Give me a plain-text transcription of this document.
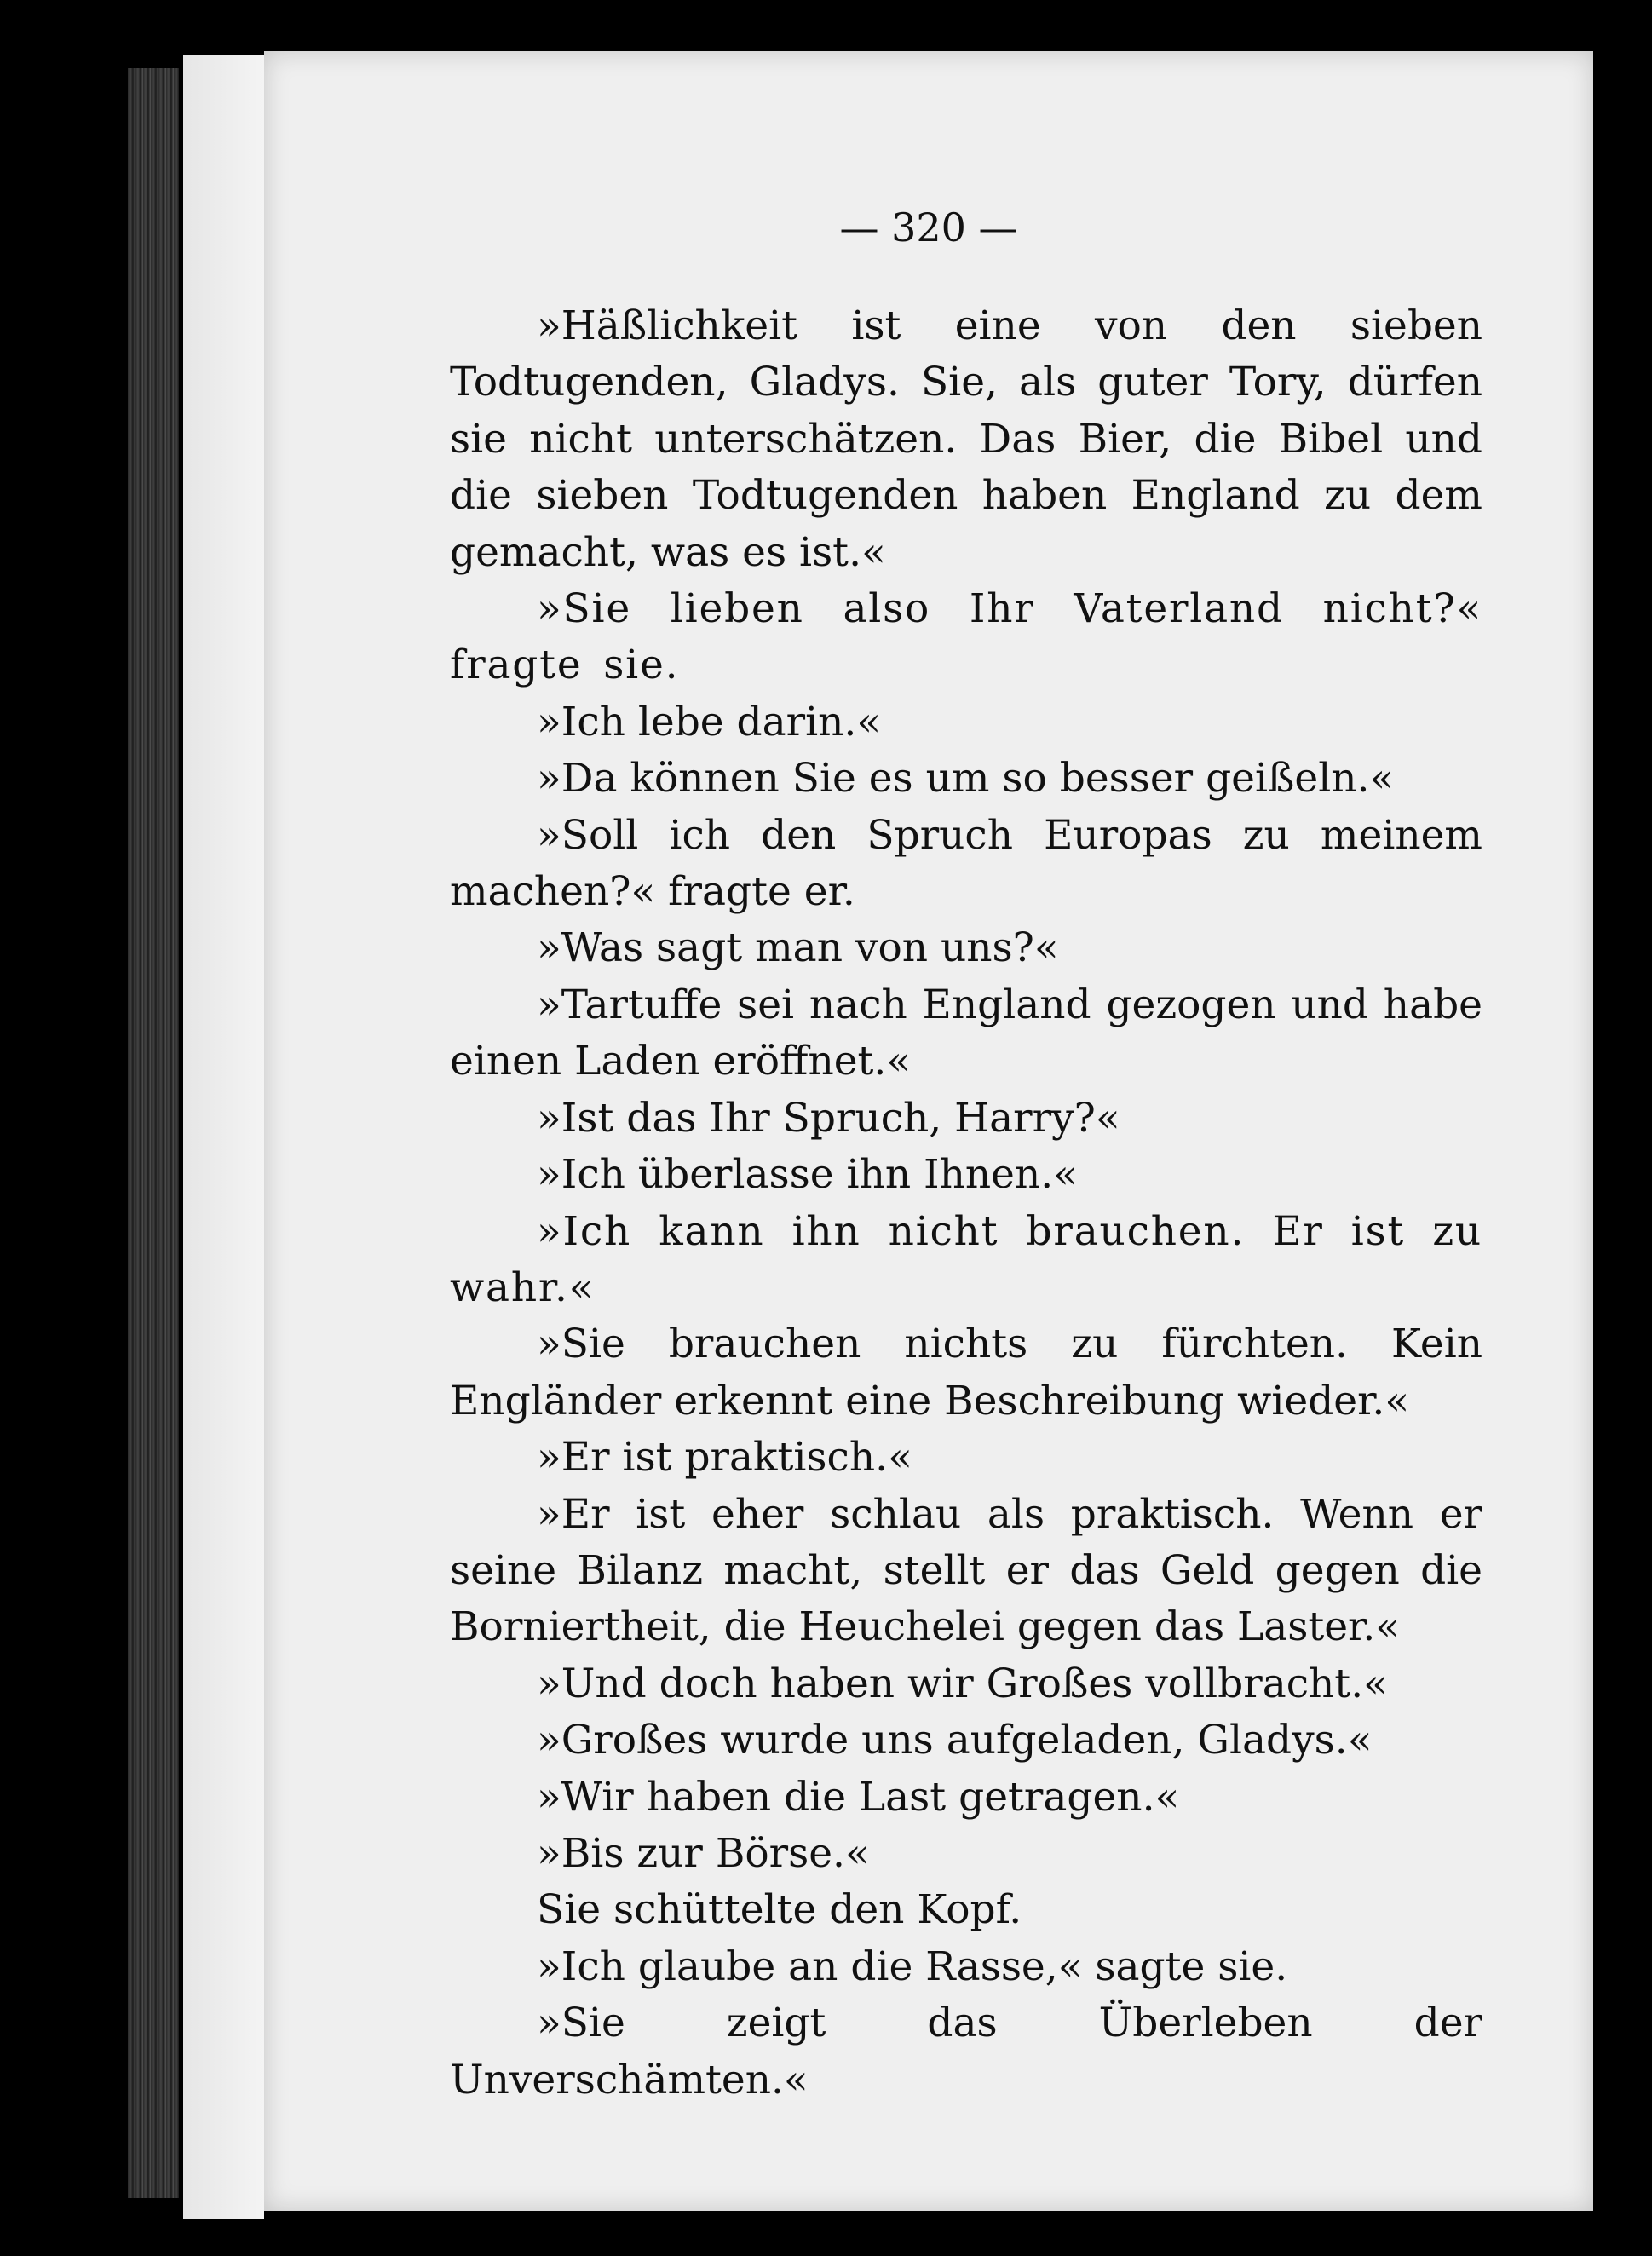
— 320 —

»Häßlichkeit ist eine von den sieben Todtugenden, Gladys. Sie, als guter Tory, dürfen sie nicht unterschätzen. Das Bier, die Bibel und die sieben Todtugenden haben England zu dem gemacht, was es ist.«

»Sie lieben also Ihr Vaterland nicht?« fragte sie.

»Ich lebe darin.«

»Da können Sie es um so besser geißeln.«

»Soll ich den Spruch Europas zu meinem machen?« fragte er.

»Was sagt man von uns?«

»Tartuffe sei nach England gezogen und habe einen Laden eröffnet.«

»Ist das Ihr Spruch, Harry?«

»Ich überlasse ihn Ihnen.«

»Ich kann ihn nicht brauchen. Er ist zu wahr.«

»Sie brauchen nichts zu fürchten. Kein Engländer erkennt eine Beschreibung wieder.«

»Er ist praktisch.«

»Er ist eher schlau als praktisch. Wenn er seine Bilanz macht, stellt er das Geld gegen die Borniertheit, die Heuchelei gegen das Laster.«

»Und doch haben wir Großes vollbracht.«

»Großes wurde uns aufgeladen, Gladys.«

»Wir haben die Last getragen.«

»Bis zur Börse.«

Sie schüttelte den Kopf.

»Ich glaube an die Rasse,« sagte sie.

»Sie zeigt das Überleben der Unverschämten.«
